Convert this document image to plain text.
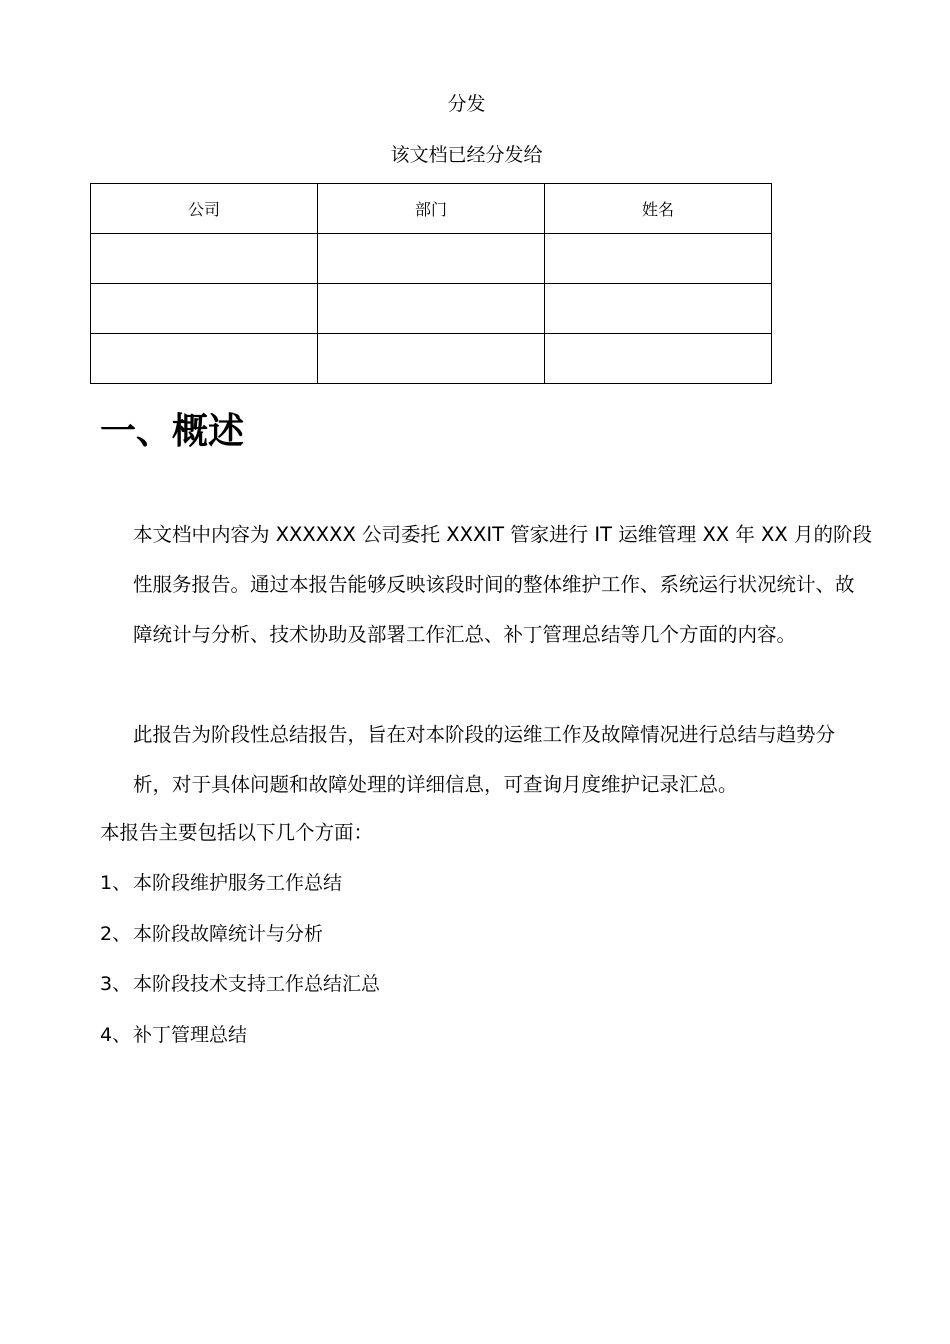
分发
该文档已经分发给
公司	部门	姓名

一、概述

本文档中内容为 XXXXXX 公司委托 XXXIT 管家进行 IT 运维管理 XX 年 XX 月的阶段性服务报告。通过本报告能够反映该段时间的整体维护工作、系统运行状况统计、故障统计与分析、技术协助及部署工作汇总、补丁管理总结等几个方面的内容。

此报告为阶段性总结报告，旨在对本阶段的运维工作及故障情况进行总结与趋势分析，对于具体问题和故障处理的详细信息，可查询月度维护记录汇总。

本报告主要包括以下几个方面：

1、 本阶段维护服务工作总结
2、 本阶段故障统计与分析
3、 本阶段技术支持工作总结汇总
4、 补丁管理总结
